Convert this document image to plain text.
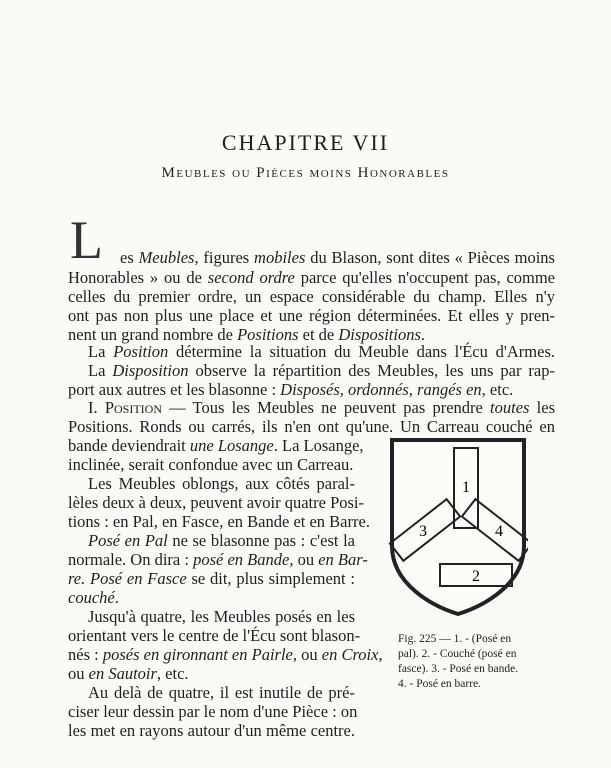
CHAPITRE VII
Meubles ou Pièces moins Honorables
L es Meubles, figures mobiles du Blason, sont dites « Pièces moins
Honorables » ou de second ordre parce qu'elles n'occupent pas, comme
celles du premier ordre, un espace considérable du champ. Elles n'y
ont pas non plus une place et une région déterminées. Et elles y pren-
nent un grand nombre de Positions et de Dispositions.
La Position détermine la situation du Meuble dans l'Écu d'Armes.
La Disposition observe la répartition des Meubles, les uns par rap-
port aux autres et les blasonne : Disposés, ordonnés, rangés en, etc.
I. Position — Tous les Meubles ne peuvent pas prendre toutes les
Positions. Ronds ou carrés, ils n'en ont qu'une. Un Carreau couché en
bande deviendrait une Losange. La Losange,
inclinée, serait confondue avec un Carreau.
Les Meubles oblongs, aux côtés paral-
lèles deux à deux, peuvent avoir quatre Posi-
tions : en Pal, en Fasce, en Bande et en Barre.
Posé en Pal ne se blasonne pas : c'est la
normale. On dira : posé en Bande, ou en Bar-
re. Posé en Fasce se dit, plus simplement :
couché.
Jusqu'à quatre, les Meubles posés en les
orientant vers le centre de l'Écu sont blason-
nés : posés en gironnant en Pairle, ou en Croix,
ou en Sautoir, etc.
Au delà de quatre, il est inutile de pré-
ciser leur dessin par le nom d'une Pièce : on
les met en rayons autour d'un même centre.
1
3	4
2
Fig. 225 — 1. - (Posé en
pal). 2. - Couché (posé en
fasce). 3. - Posé en bande.
4. - Posé en barre.
